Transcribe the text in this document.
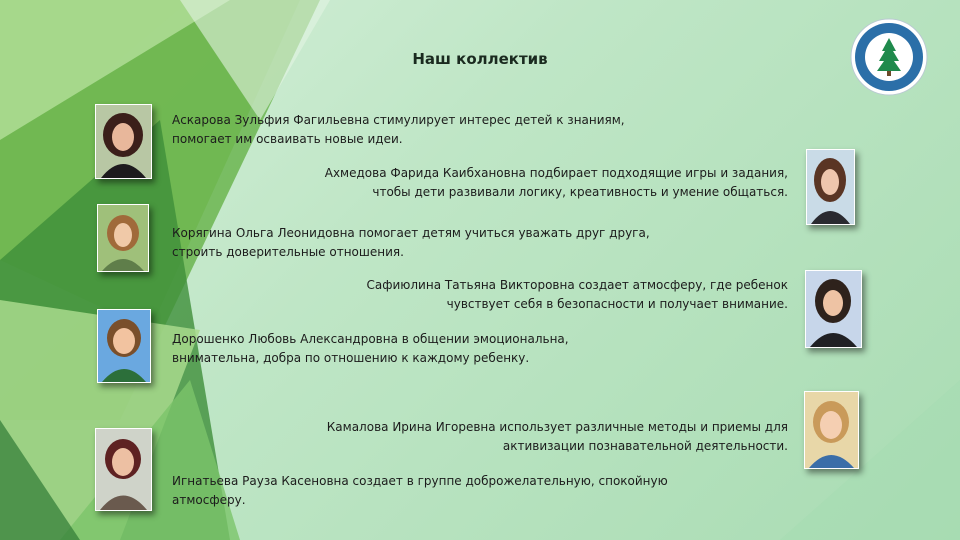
Наш коллектив
Аскарова Зульфия Фагильевна стимулирует интерес детей к знаниям,
помогает им осваивать новые идеи.
Ахмедова Фарида Каибхановна подбирает подходящие игры и задания,
чтобы дети развивали логику, креативность и умение общаться.
Корягина Ольга Леонидовна помогает детям учиться уважать друг друга,
строить доверительные отношения.
Сафиюлина Татьяна Викторовна создает атмосферу, где ребенок
чувствует себя в безопасности и получает внимание.
Дорошенко Любовь Александровна в общении эмоциональна,
внимательна, добра по отношению к каждому ребенку.
Камалова Ирина Игоревна использует различные методы и приемы для
активизации познавательной деятельности.
Игнатьева Рауза Касеновна создает в группе доброжелательную, спокойную
атмосферу.
